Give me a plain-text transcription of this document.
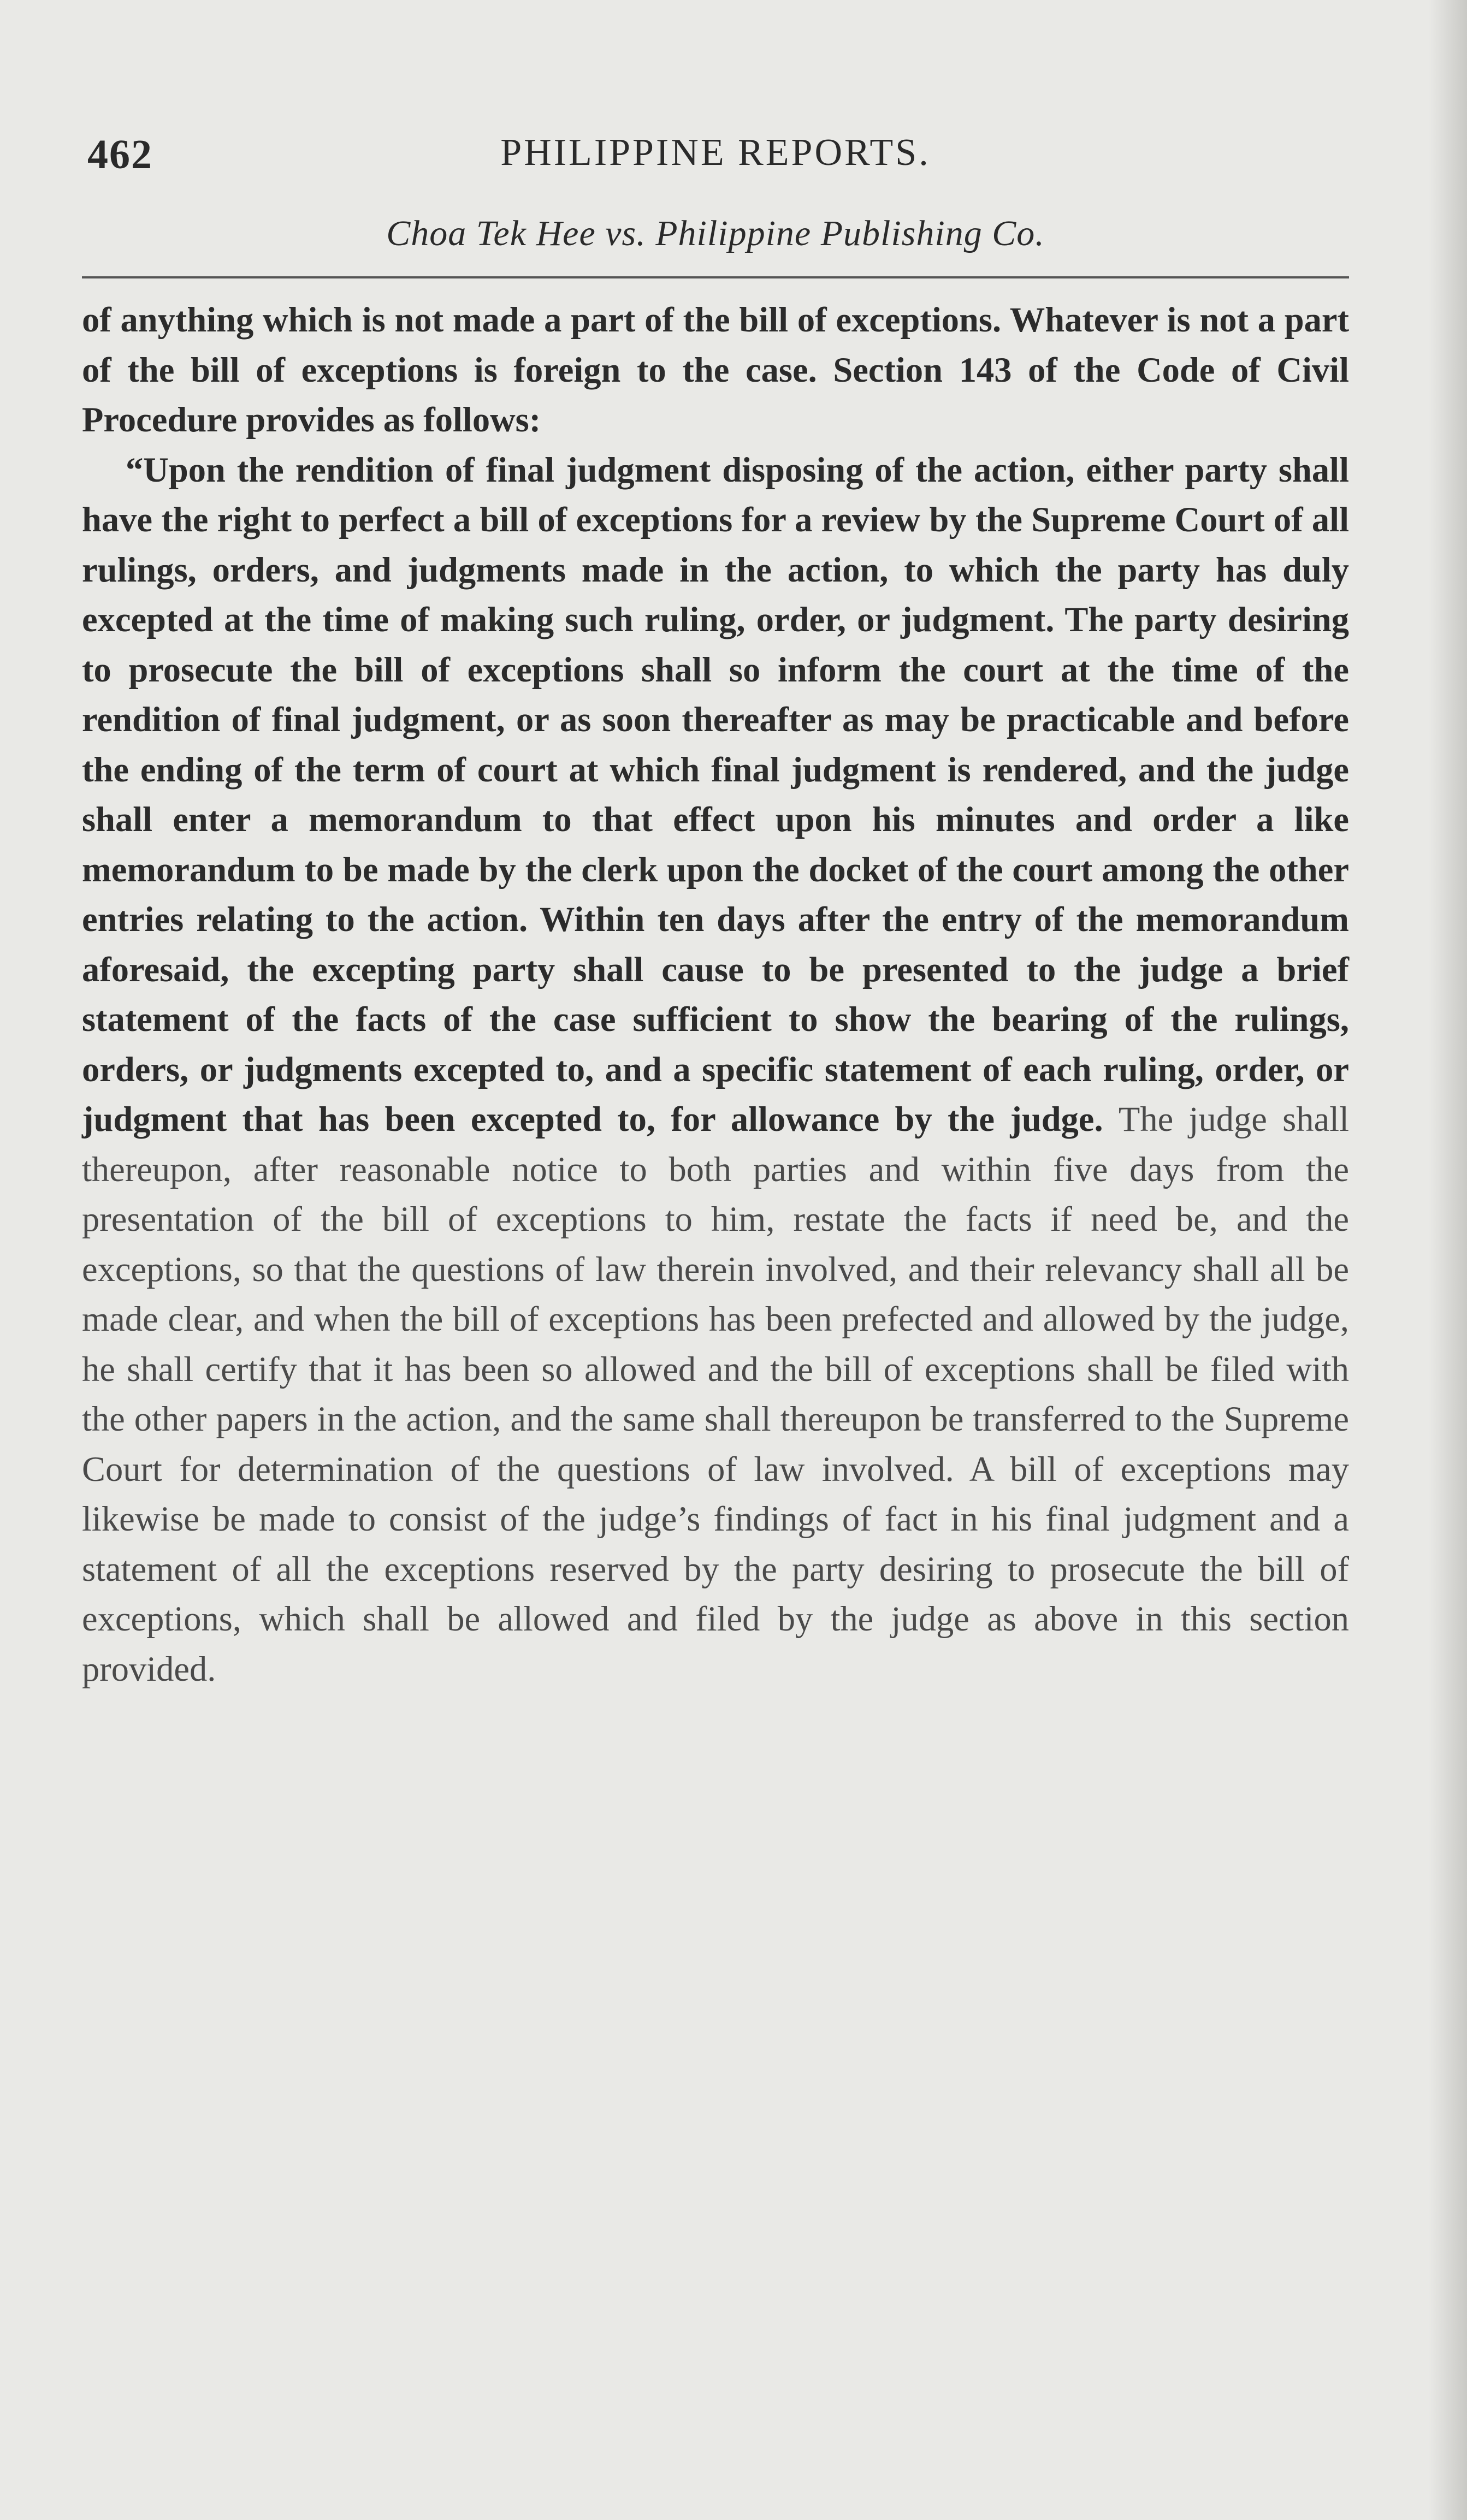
462	PHILIPPINE REPORTS.
Choa Tek Hee vs. Philippine Publishing Co.

of anything which is not made a part of the bill of exceptions. Whatever is not a part of the bill of exceptions is foreign to the case. Section 143 of the Code of Civil Procedure provides as follows:

“Upon the rendition of final judgment disposing of the action, either party shall have the right to perfect a bill of exceptions for a review by the Supreme Court of all rulings, orders, and judgments made in the action, to which the party has duly excepted at the time of making such ruling, order, or judgment. The party desiring to prosecute the bill of exceptions shall so inform the court at the time of the rendition of final judgment, or as soon thereafter as may be practicable and before the ending of the term of court at which final judgment is rendered, and the judge shall enter a memorandum to that effect upon his minutes and order a like memorandum to be made by the clerk upon the docket of the court among the other entries relating to the action. Within ten days after the entry of the memorandum aforesaid, the excepting party shall cause to be presented to the judge a brief statement of the facts of the case sufficient to show the bearing of the rulings, orders, or judgments excepted to, and a specific statement of each ruling, order, or judgment that has been excepted to, for allowance by the judge. The judge shall thereupon, after reasonable notice to both parties and within five days from the presentation of the bill of exceptions to him, restate the facts if need be, and the exceptions, so that the questions of law therein involved, and their relevancy shall all be made clear, and when the bill of exceptions has been prefected and allowed by the judge, he shall certify that it has been so allowed and the bill of exceptions shall be filed with the other papers in the action, and the same shall thereupon be transferred to the Supreme Court for determination of the questions of law involved. A bill of exceptions may likewise be made to consist of the judge’s findings of fact in his final judgment and a statement of all the exceptions reserved by the party desiring to prosecute the bill of exceptions, which shall be allowed and filed by the judge as above in this section provided.
